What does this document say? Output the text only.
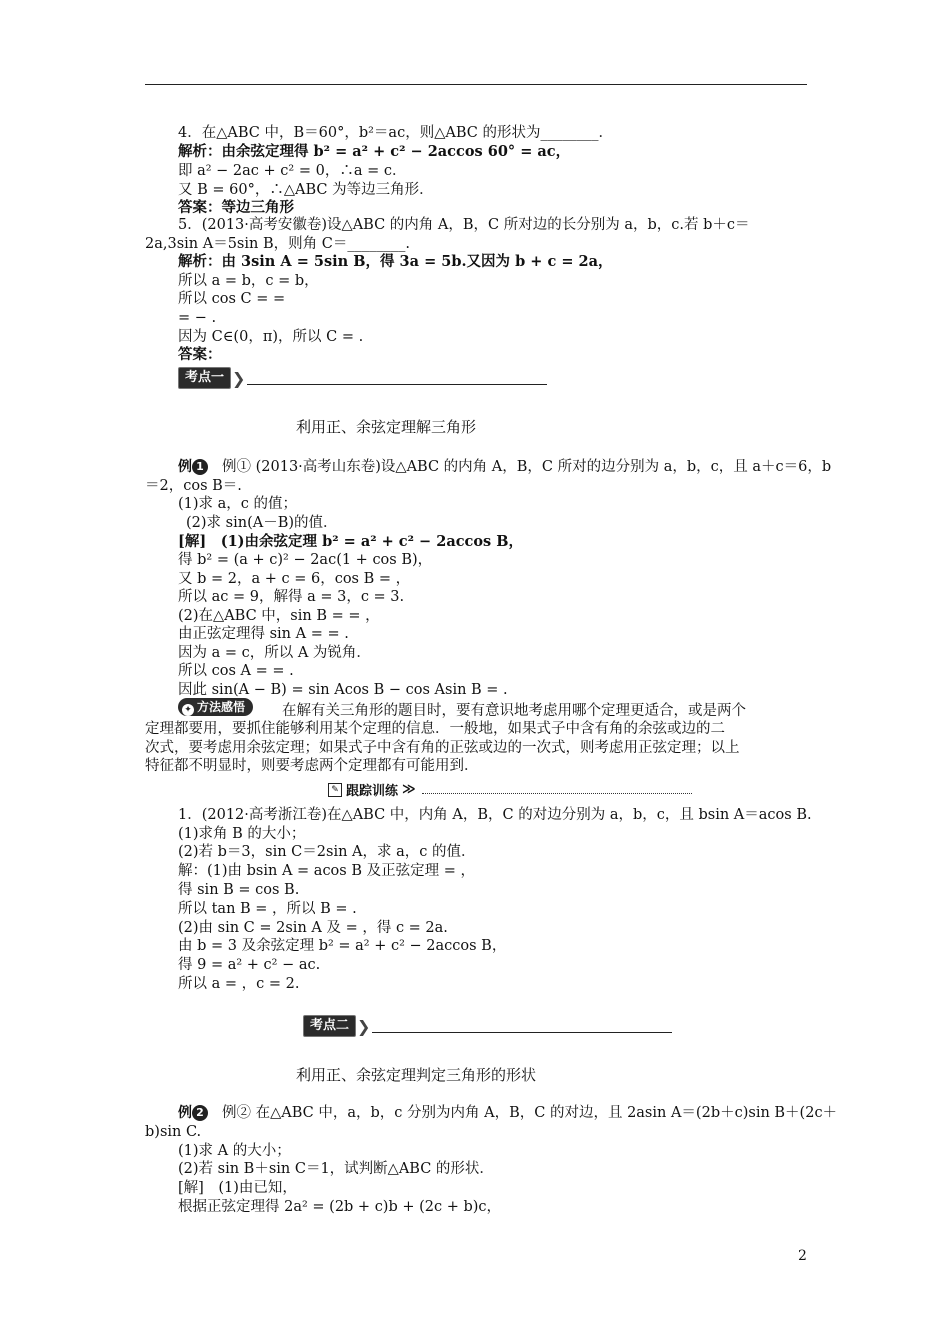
4．在△ABC 中，B＝60°，b²＝ac，则△ABC 的形状为________．
解析：由余弦定理得 b² = a² + c² − 2accos 60° = ac，
即 a² − 2ac + c² = 0，∴a = c．
又 B = 60°，∴△ABC 为等边三角形．
答案：等边三角形
5．(2013·高考安徽卷)设△ABC 的内角 A，B，C 所对边的长分别为 a，b，c.若 b＋c＝
2a,3sin A＝5sin B，则角 C＝________.
解析：由 3sin A = 5sin B，得 3a = 5b.又因为 b + c = 2a，
所以 a = b，c = b，
所以 cos C = =
= − .
因为 C∈(0，π)，所以 C = .
答案：
考点一 ❯
利用正、余弦定理解三角形
例 1 例① (2013·高考山东卷)设△ABC 的内角 A，B，C 所对的边分别为 a，b，c，且 a＋c＝6，b
＝2，cos B＝.
(1)求 a，c 的值；
(2)求 sin(A－B)的值．
[解]　(1)由余弦定理 b² = a² + c² − 2accos B，
得 b² = (a + c)² − 2ac(1 + cos B)，
又 b = 2，a + c = 6，cos B = ，
所以 ac = 9，解得 a = 3，c = 3.
(2)在△ABC 中，sin B = = ，
由正弦定理得 sin A = = .
因为 a = c，所以 A 为锐角．
所以 cos A = = .
因此 sin(A − B) = sin Acos B − cos Asin B = .
✦ 方法感悟	在解有关三角形的题目时，要有意识地考虑用哪个定理更适合，或是两个
定理都要用，要抓住能够利用某个定理的信息．一般地，如果式子中含有角的余弦或边的二
次式，要考虑用余弦定理；如果式子中含有角的正弦或边的一次式，则考虑用正弦定理；以上
特征都不明显时，则要考虑两个定理都有可能用到．
✎ 跟踪训练 ≫
1．(2012·高考浙江卷)在△ABC 中，内角 A，B，C 的对边分别为 a，b，c，且 bsin A＝acos B.
(1)求角 B 的大小；
(2)若 b＝3，sin C＝2sin A，求 a，c 的值．
解：(1)由 bsin A = acos B 及正弦定理 = ，
得 sin B = cos B.
所以 tan B = ，所以 B = .
(2)由 sin C = 2sin A 及 = ，得 c = 2a.
由 b = 3 及余弦定理 b² = a² + c² − 2accos B，
得 9 = a² + c² − ac.
所以 a = ，c = 2.
考点二 ❯
利用正、余弦定理判定三角形的形状
例 2 例② 在△ABC 中，a，b，c 分别为内角 A，B，C 的对边，且 2asin A＝(2b＋c)sin B＋(2c＋
b)sin C.
(1)求 A 的大小；
(2)若 sin B＋sin C＝1，试判断△ABC 的形状．
[解]　(1)由已知，
根据正弦定理得 2a² = (2b + c)b + (2c + b)c，
2
